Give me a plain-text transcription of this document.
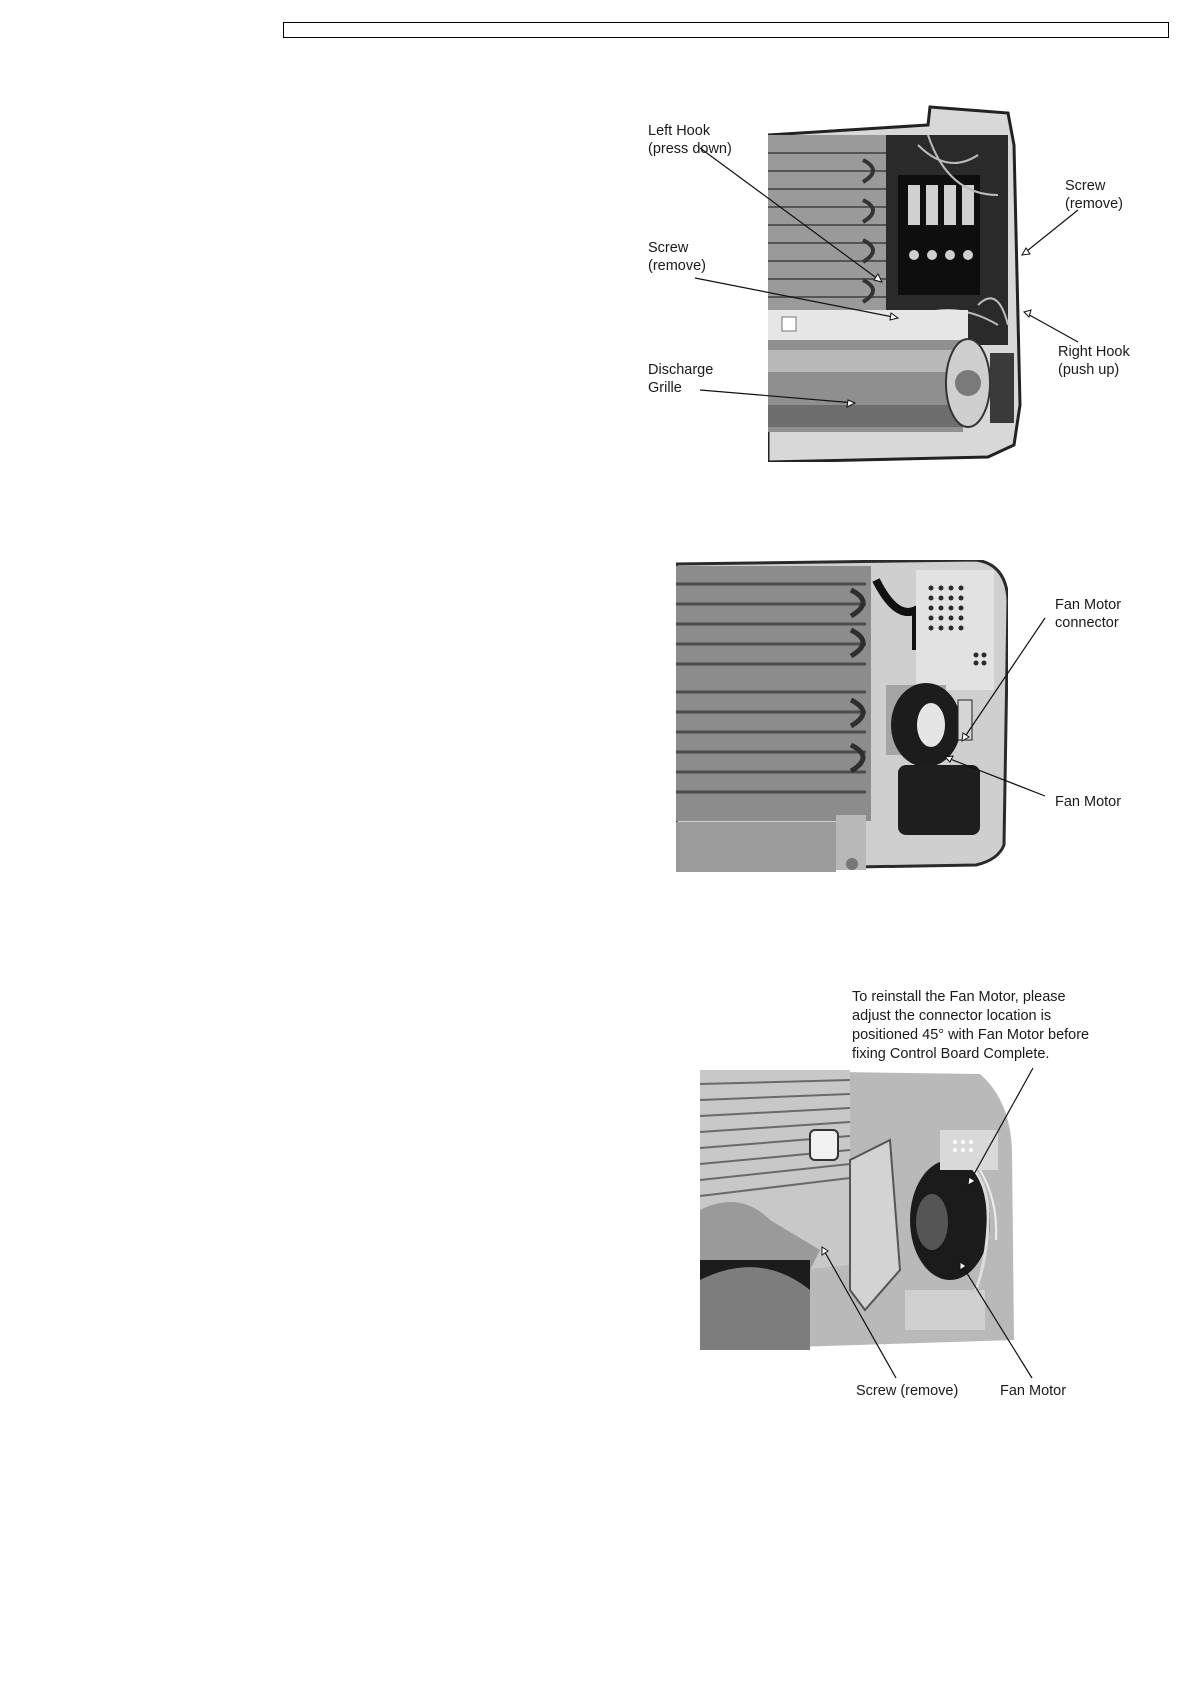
Left Hook
(press down)
Screw
(remove)
Screw
(remove)
Right Hook
(push up)
Discharge
Grille
Fan Motor
connector
Fan Motor
To reinstall the Fan Motor, please
adjust the connector location is
positioned 45° with Fan Motor before
fixing Control Board Complete.
Screw (remove)	Fan Motor
